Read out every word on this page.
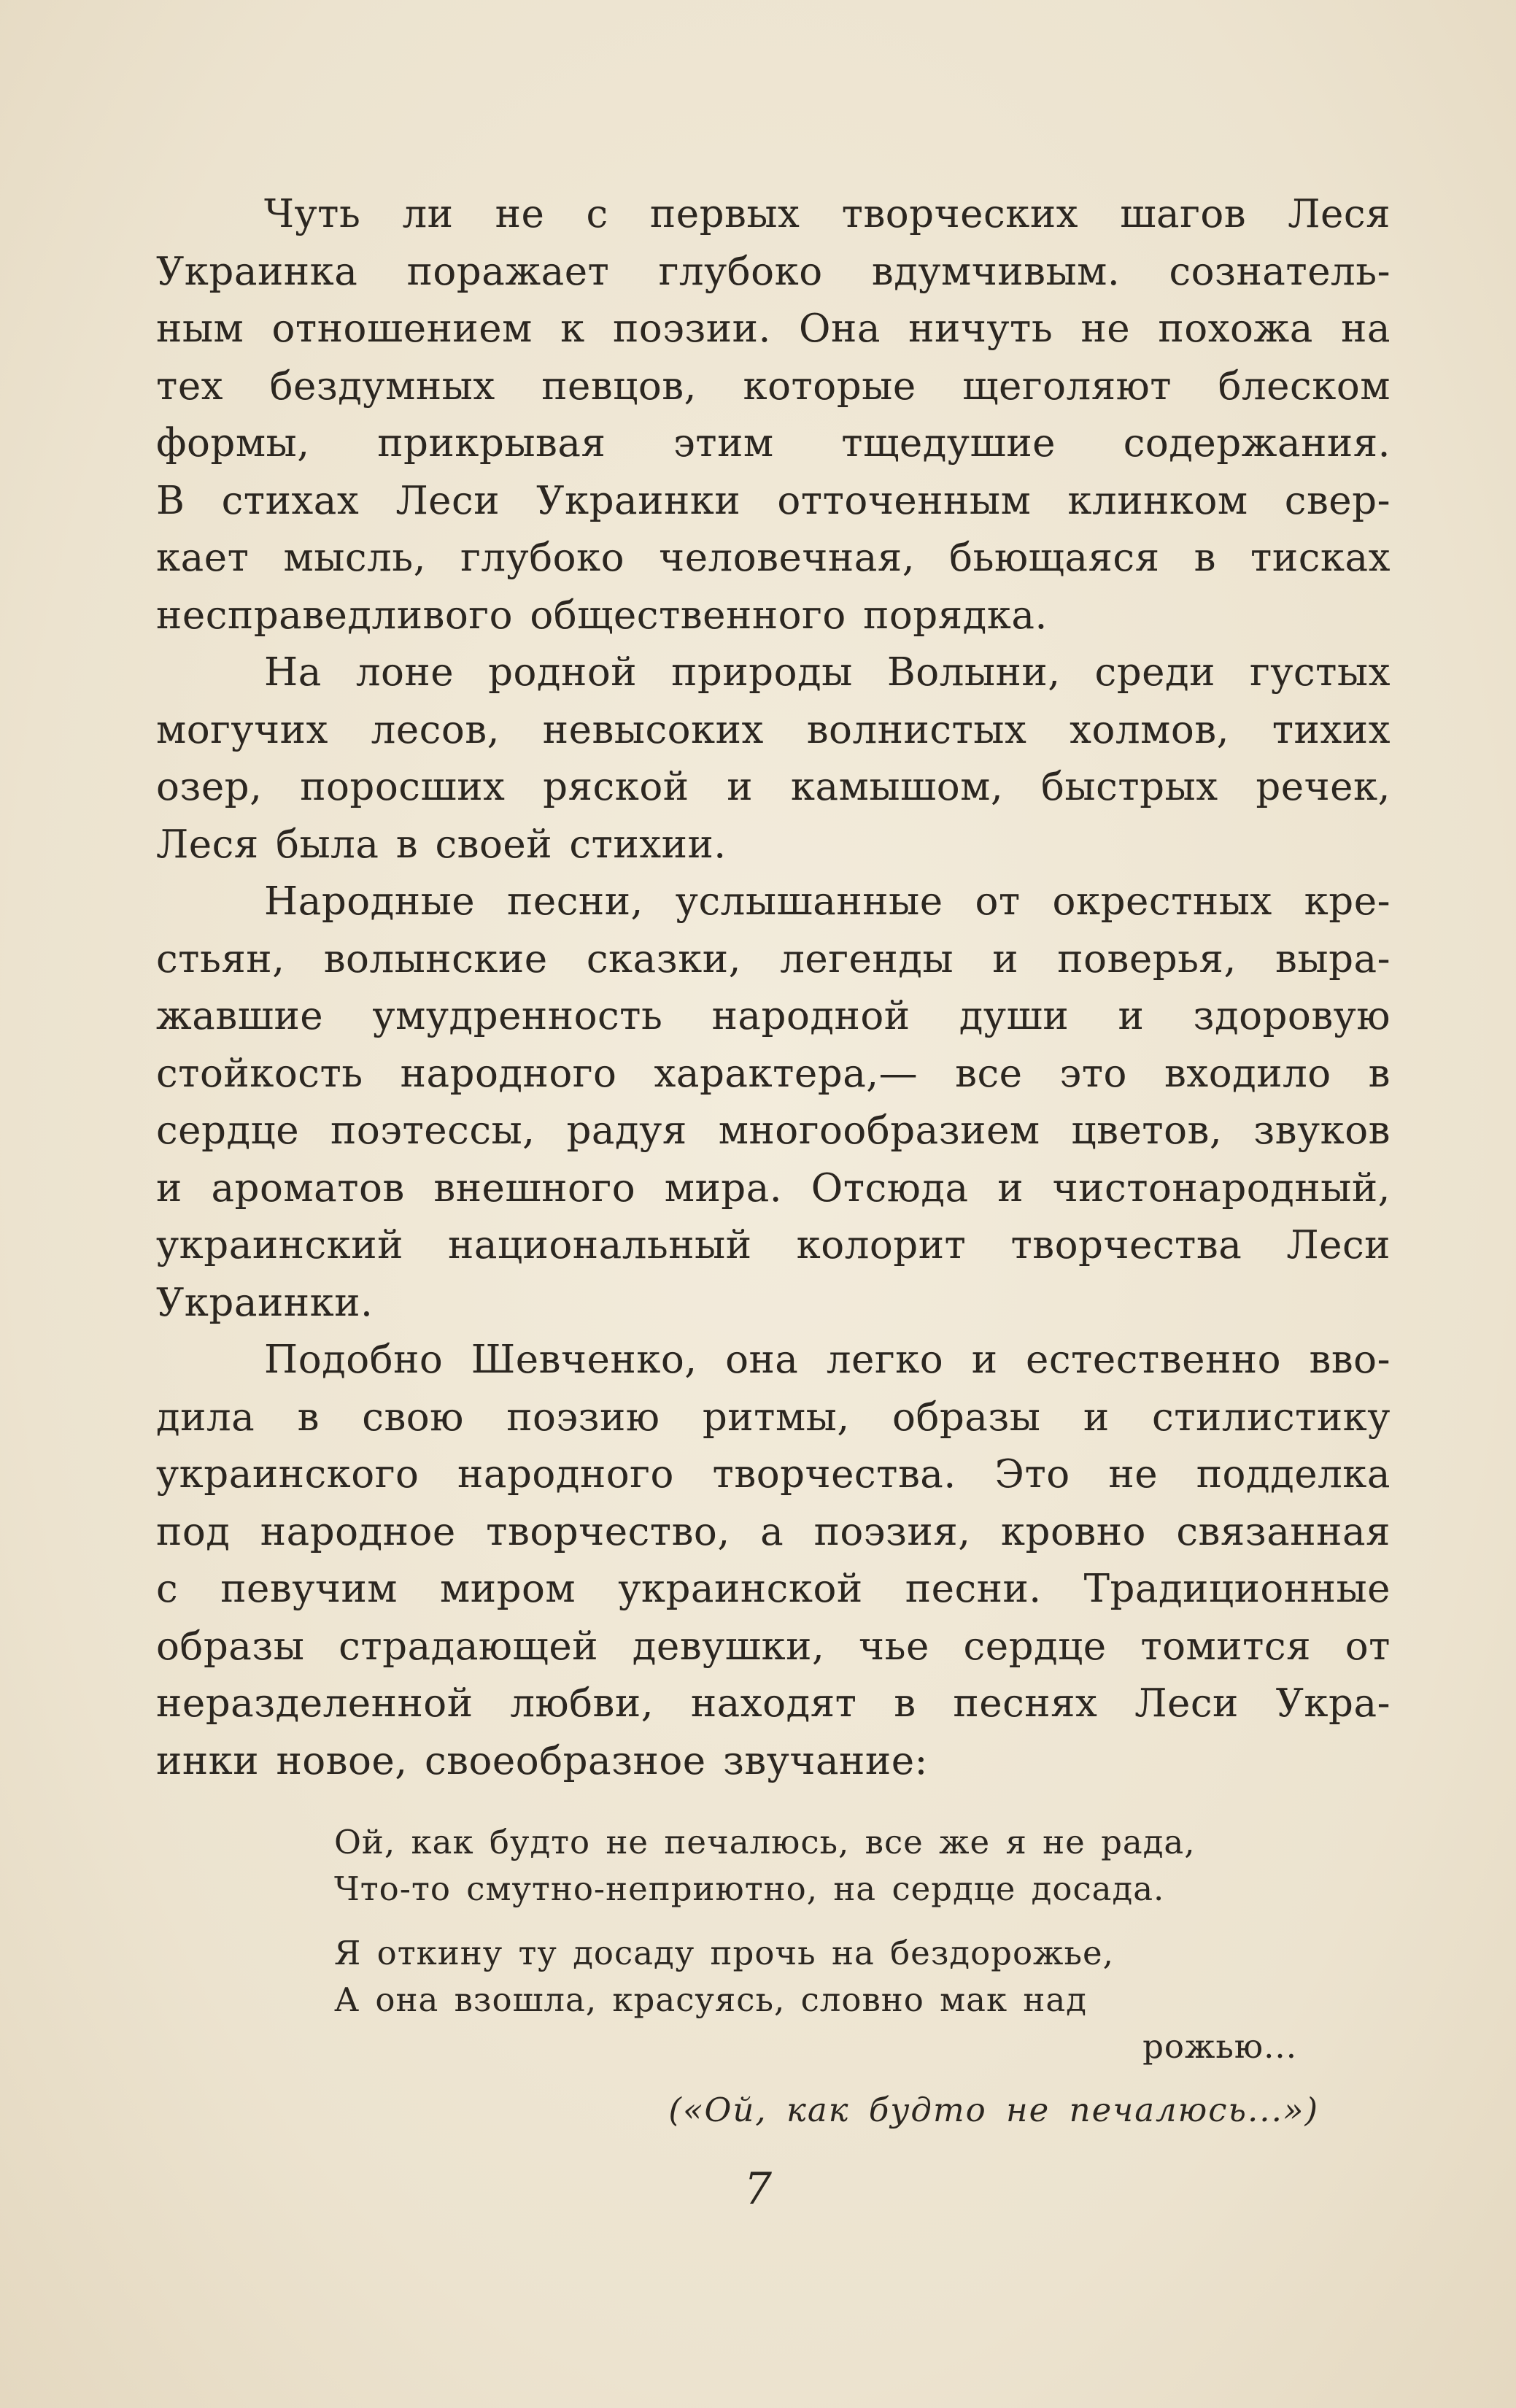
Чуть ли не с первых творческих шагов Леся
Украинка поражает глубоко вдумчивым. сознатель-
ным отношением к поэзии. Она ничуть не похожа на
тех бездумных певцов, которые щеголяют блеском
формы, прикрывая этим тщедушие содержания.
В стихах Леси Украинки отточенным клинком свер-
кает мысль, глубоко человечная, бьющаяся в тисках
несправедливого общественного порядка.

На лоне родной природы Волыни, среди густых
могучих лесов, невысоких волнистых холмов, тихих
озер, поросших ряской и камышом, быстрых речек,
Леся была в своей стихии.

Народные песни, услышанные от окрестных кре-
стьян, волынские сказки, легенды и поверья, выра-
жавшие умудренность народной души и здоровую
стойкость народного характера,— все это входило в
сердце поэтессы, радуя многообразием цветов, звуков
и ароматов внешного мира. Отсюда и чистонародный,
украинский национальный колорит творчества Леси
Украинки.

Подобно Шевченко, она легко и естественно вво-
дила в свою поэзию ритмы, образы и стилистику
украинского народного творчества. Это не подделка
под народное творчество, а поэзия, кровно связанная
с певучим миром украинской песни. Традиционные
образы страдающей девушки, чье сердце томится от
неразделенной любви, находят в песнях Леси Укра-
инки новое, своеобразное звучание:

Ой, как будто не печалюсь, все же я не рада,
Что-то смутно-неприютно, на сердце досада.

Я откину ту досаду прочь на бездорожье,
А она взошла, красуясь, словно мак над
рожью...

(«Ой, как будто не печалюсь...»)
7
